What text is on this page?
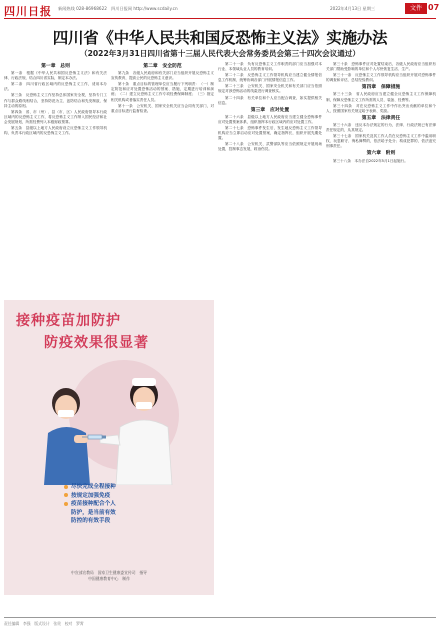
四川日报 新闻热线 028-86968622　四川日报网 http://www.scdaily.cn	2022年4月13日 星期三	文件 07
四川省《中华人民共和国反恐怖主义法》实施办法
（2022年3月31日四川省第十三届人民代表大会常务委员会第三十四次会议通过）
第一章　总则

第一条　根据《中华人民共和国反恐怖主义法》和有关法律、行政法规，结合四川省实际，制定本办法。

第二条　四川省行政区域内的反恐怖主义工作，适用本办法。

第三条　反恐怖主义工作坚持总体国家安全观，坚持专门工作与群众路线相结合，坚持防范为主、惩防结合和先发制敌、保持主动的原则。

第四条　省、市（州）、县（市、区）人民政府领导本行政区域内的反恐怖主义工作，将反恐怖主义工作纳入国民经济和社会发展规划，所需经费列入本级财政预算。

第五条　县级以上地方人民政府设立反恐怖主义工作领导机构，负责本行政区域内的反恐怖主义工作。

第二章　安全防范

第九条　各级人民政府和有关部门应当组织开展反恐怖主义宣传教育，提高公民的反恐怖主义意识。

第十条　重点目标的管理单位应当履行下列职责：（一）制定防范和应对处置恐怖活动的预案、措施，定期进行培训和演练；（二）建立反恐怖主义工作专项经费保障制度；（三）指定相关机构或者落实责任人员。

第十一条　公安机关、国家安全机关应当会同有关部门，对重点目标进行监督检查。

第二十一条　负有反恐怖主义工作职责的部门应当加强对本行业、本领域从业人员的教育培训。

第二十二条　反恐怖主义工作领导机构应当建立健全情报信息工作机制，统筹协调各部门开展情报信息工作。

第二十三条　公安机关、国家安全机关和有关部门应当依照规定对涉恐怖活动的线索进行调查核实。

第二十四条　有关单位和个人应当配合调查，如实提供相关信息。

第三章　应对处置

第二十六条　县级以上地方人民政府应当建立健全恐怖事件应对处置预案体系，组织指挥本行政区域内的应对处置工作。

第二十七条　恐怖事件发生后，发生地反恐怖主义工作领导机构应当立即启动应对处置预案，确定指挥长，组织开展先期处置。

第二十八条　公安机关、武警部队等应当依照规定开展现场处置，控制事态发展，救治伤员。

第三十条　恐怖事件应对处置结束后，各级人民政府应当组织有关部门帮助受影响的单位和个人尽快恢复生活、生产。

第三十一条　反恐怖主义工作领导机构应当组织开展对恐怖事件的调查和评估，总结经验教训。

第四章　保障措施

第三十三条　省人民政府应当建立健全反恐怖主义工作保障机制，保障反恐怖主义工作所需的人员、装备、经费等。

第三十四条　对在反恐怖主义工作中作出突出贡献的单位和个人，按照国家有关规定给予表彰、奖励。

第五章　法律责任

第三十六条　违反本办法规定的行为，法律、行政法规已有法律责任规定的，从其规定。

第三十七条　国家机关及其工作人员在反恐怖主义工作中滥用职权、玩忽职守、徇私舞弊的，依法给予处分；构成犯罪的，依法追究刑事责任。

第六章　附则

第三十八条　本办法自2022年5月1日起施行。

接种疫苗加防护
防疫效果很显著
尽快完成全程接种
按规定加强免疫
疫苗接种配合个人
防护，是当前有效
防控的有效手段
中宣部宣教局　国家卫生健康委宣传司　指导
中国健康教育中心　制作
责任编辑　李强　版式设计　张贵　校对　罗霄
